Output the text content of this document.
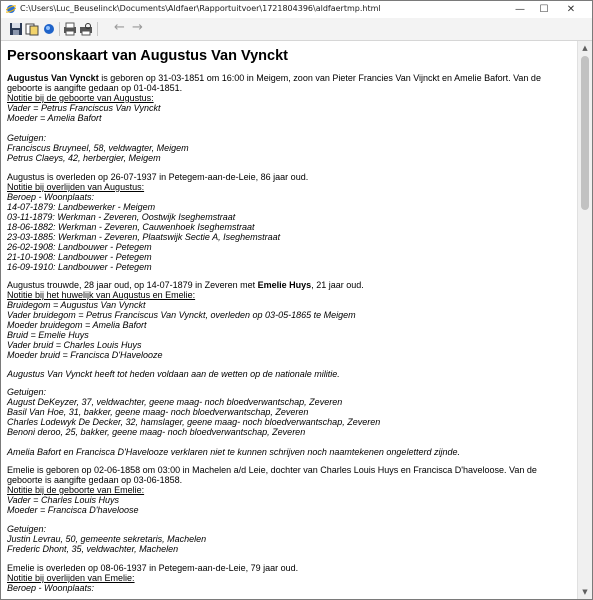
C:\Users\Luc_Beuselinck\Documents\Aldfaer\Rapportuitvoer\1721804396\aldfaertmp.html	—	☐	✕
← →
Persoonskaart van Augustus Van Vynckt

Augustus Van Vynckt is geboren op 31-03-1851 om 16:00 in Meigem, zoon van Pieter Francies Van Vijnckt en Amelie Bafort. Van de

geboorte is aangifte gedaan op 01-04-1851.

Notitie bij de geboorte van Augustus:

Vader = Petrus Franciscus Van Vynckt

Moeder = Amelia Bafort

Getuigen:

Franciscus Bruyneel, 58, veldwagter, Meigem

Petrus Claeys, 42, herbergier, Meigem

Augustus is overleden op 26-07-1937 in Petegem-aan-de-Leie, 86 jaar oud.

Notitie bij overlijden van Augustus:

Beroep - Woonplaats:

14-07-1879: Landbewerker - Meigem

03-11-1879: Werkman - Zeveren, Oostwijk Iseghemstraat

18-06-1882: Werkman - Zeveren, Cauwenhoek Iseghemstraat

23-03-1885: Werkman - Zeveren, Plaatswijk Sectie A, Iseghemstraat

26-02-1908: Landbouwer - Petegem

21-10-1908: Landbouwer - Petegem

16-09-1910: Landbouwer - Petegem

Augustus trouwde, 28 jaar oud, op 14-07-1879 in Zeveren met Emelie Huys, 21 jaar oud.

Notitie bij het huwelijk van Augustus en Emelie:

Bruidegom = Augustus Van Vynckt

Vader bruidegom = Petrus Franciscus Van Vynckt, overleden op 03-05-1865 te Meigem

Moeder bruidegom = Amelia Bafort

Bruid = Emelie Huys

Vader bruid = Charles Louis Huys

Moeder bruid = Francisca D'Havelooze

Augustus Van Vynckt heeft tot heden voldaan aan de wetten op de nationale militie.

Getuigen:

August DeKeyzer, 37, veldwachter, geene maag- noch bloedverwantschap, Zeveren

Basil Van Hoe, 31, bakker, geene maag- noch bloedverwantschap, Zeveren

Charles Lodewyk De Decker, 32, hamslager, geene maag- noch bloedverwantschap, Zeveren

Benoni deroo, 25, bakker, geene maag- noch bloedverwantschap, Zeveren

Amelia Bafort en Francisca D'Havelooze verklaren niet te kunnen schrijven noch naamtekenen ongeletterd zijnde.

Emelie is geboren op 02-06-1858 om 03:00 in Machelen a/d Leie, dochter van Charles Louis Huys en Francisca D'haveloose. Van de

geboorte is aangifte gedaan op 03-06-1858.

Notitie bij de geboorte van Emelie:

Vader = Charles Louis Huys

Moeder = Francisca D'haveloose

Getuigen:

Justin Levrau, 50, gemeente sekretaris, Machelen

Frederic Dhont, 35, veldwachter, Machelen

Emelie is overleden op 08-06-1937 in Petegem-aan-de-Leie, 79 jaar oud.

Notitie bij overlijden van Emelie:

Beroep - Woonplaats:

▲
▼
